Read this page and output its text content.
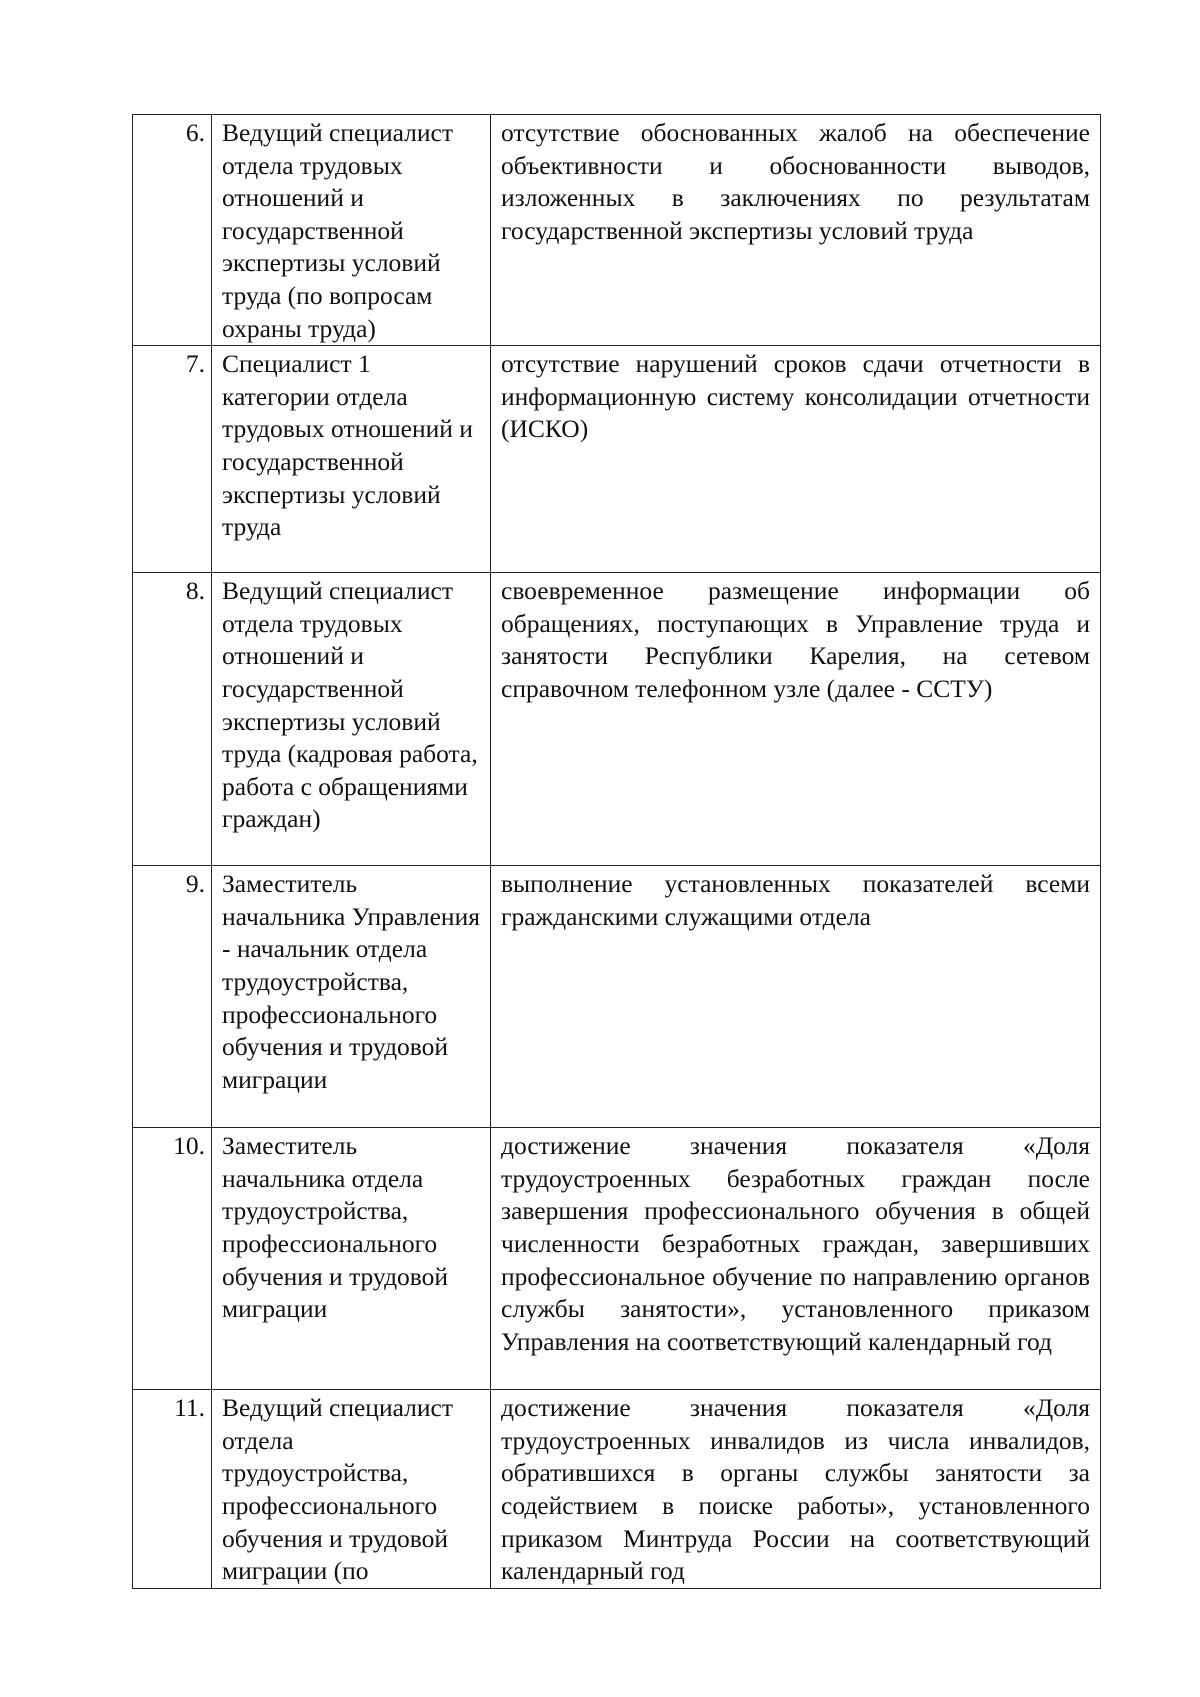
6.	Ведущий специалист отдела трудовых отношений и государственной экспертизы условий труда (по вопросам охраны труда)	отсутствие обоснованных жалоб на обеспечение объективности и обоснованности выводов, изложенных в заключениях по результатам государственной экспертизы условий труда
7.	Специалист 1 категории отдела трудовых отношений и государственной экспертизы условий труда	отсутствие нарушений сроков сдачи отчетности в информационную систему консолидации отчетности (ИСКО)
8.	Ведущий специалист отдела трудовых отношений и государственной экспертизы условий труда (кадровая работа, работа с обращениями граждан)	своевременное размещение информации об обращениях, поступающих в Управление труда и занятости Республики Карелия, на сетевом справочном телефонном узле (далее - ССТУ)
9.	Заместитель начальника Управления - начальник отдела трудоустройства, профессионального обучения и трудовой миграции	выполнение установленных показателей всеми гражданскими служащими отдела
10.	Заместитель начальника отдела трудоустройства, профессионального обучения и трудовой миграции	достижение значения показателя «Доля трудоустроенных безработных граждан после завершения профессионального обучения в общей численности безработных граждан, завершивших профессиональное обучение по направлению органов службы занятости», установленного приказом Управления на соответствующий календарный год
11.	Ведущий специалист отдела трудоустройства, профессионального обучения и трудовой миграции (по	достижение значения показателя «Доля трудоустроенных инвалидов из числа инвалидов, обратившихся в органы службы занятости за содействием в поиске работы», установленного приказом Минтруда России на соответствующий календарный год
